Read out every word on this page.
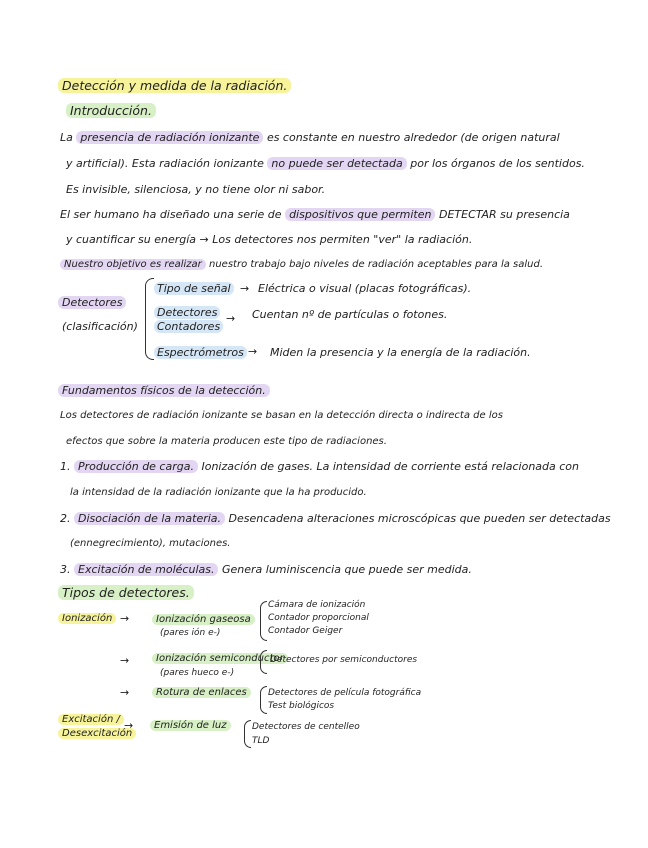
Detección y medida de la radiación.
Introducción.
La presencia de radiación ionizante es constante en nuestro alrededor (de origen natural
y artificial). Esta radiación ionizante no puede ser detectada por los órganos de los sentidos.
Es invisible, silenciosa, y no tiene olor ni sabor.
El ser humano ha diseñado una serie de dispositivos que permiten DETECTAR su presencia
y cuantificar su energía → Los detectores nos permiten "ver" la radiación.
Nuestro objetivo es realizar nuestro trabajo bajo niveles de radiación aceptables para la salud.
Detectores
(clasificación)
Tipo de señal → Eléctrica o visual (placas fotográficas).
Detectores
Contadores
→ Cuentan nº de partículas o fotones.
Espectrómetros → Miden la presencia y la energía de la radiación.
Fundamentos físicos de la detección.
Los detectores de radiación ionizante se basan en la detección directa o indirecta de los
efectos que sobre la materia producen este tipo de radiaciones.
1. Producción de carga. Ionización de gases. La intensidad de corriente está relacionada con
la intensidad de la radiación ionizante que la ha producido.
2. Disociación de la materia. Desencadena alteraciones microscópicas que pueden ser detectadas
(ennegrecimiento), mutaciones.
3. Excitación de moléculas. Genera luminiscencia que puede ser medida.
Tipos de detectores.
Ionización →	Ionización gaseosa
(pares ión e-)
Cámara de ionización
Contador proporcional
Contador Geiger
→	Ionización semiconductor
(pares hueco e-)
Detectores por semiconductores
→	Rotura de enlaces	Detectores de película fotográfica
Test biológicos
Excitación /
Desexcitación
→	Emisión de luz	Detectores de centelleo
TLD
